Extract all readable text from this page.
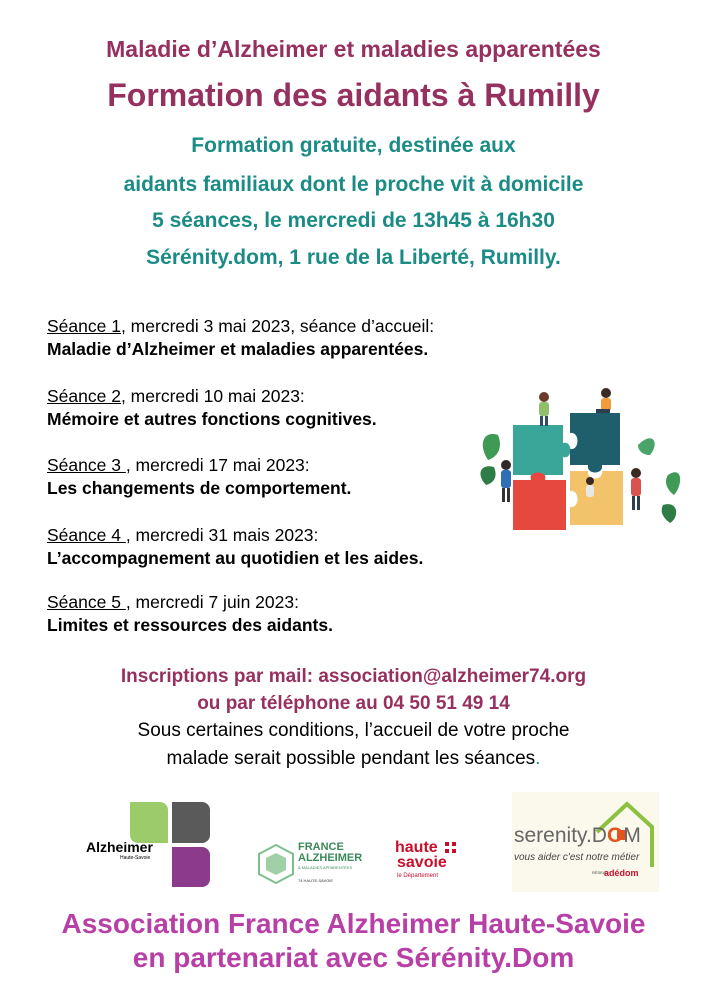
Maladie d’Alzheimer et maladies apparentées
Formation des aidants à Rumilly
Formation gratuite, destinée aux
aidants familiaux dont le proche vit à domicile
5 séances, le mercredi de 13h45 à 16h30
Sérénity.dom, 1 rue de la Liberté, Rumilly.
Séance 1, mercredi 3 mai 2023, séance d’accueil:
Maladie d’Alzheimer et maladies apparentées.
Séance 2, mercredi 10 mai 2023:
Mémoire et autres fonctions cognitives.
Séance 3 , mercredi 17 mai 2023:
Les changements de comportement.
Séance 4 , mercredi 31 mais 2023:
L’accompagnement au quotidien et les aides.
Séance 5 , mercredi 7 juin 2023:
Limites et ressources des aidants.
Inscriptions par mail: association@alzheimer74.org
ou par téléphone au 04 50 51 49 14
Sous certaines conditions, l’accueil de votre proche
malade serait possible pendant les séances.
Alzheimer
Haute-Savoie
FRANCE
ALZHEIMER
& MALADIES APPARENTÉES
74 HAUTE-SAVOIE
haute
savoie
le Département
serenity.DOM
vous aider c'est notre métier
RÉSEAU
adédom
Association France Alzheimer Haute-Savoie
en partenariat avec Sérénity.Dom
